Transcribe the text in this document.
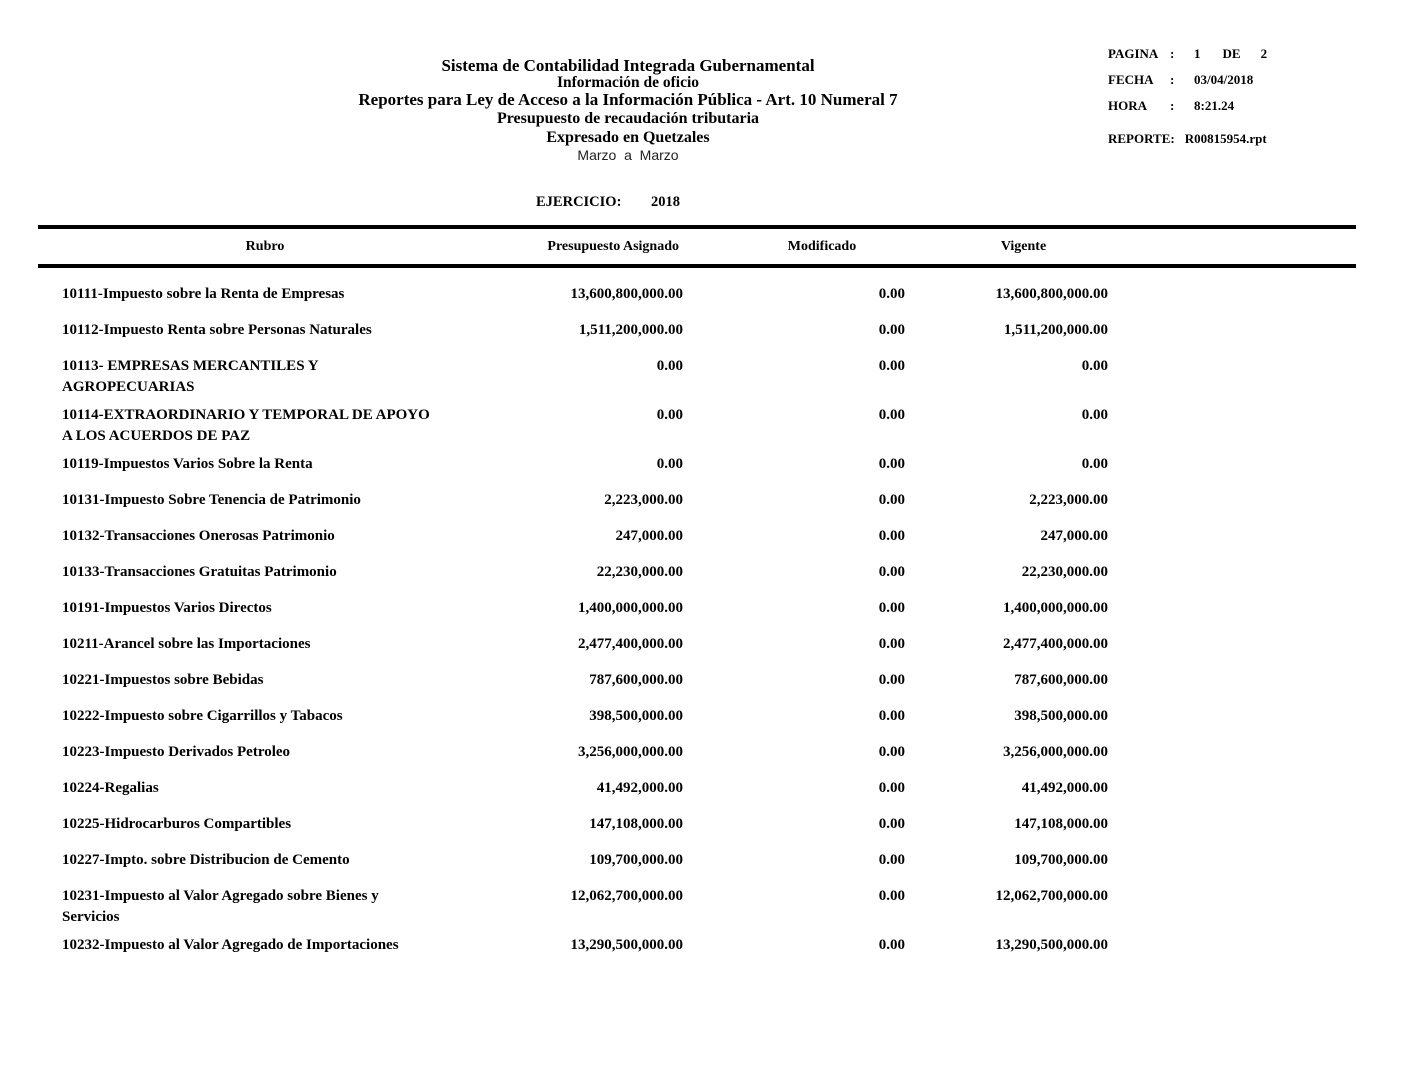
Sistema de Contabilidad Integrada Gubernamental
Información de oficio
Reportes para Ley de Acceso a la Información Pública - Art. 10 Numeral 7
Presupuesto de recaudación tributaria
Expresado en Quetzales
Marzo  a  Marzo
PAGINA : 1 DE 2
FECHA	: 03/04/2018
HORA	: 8:21.24
REPORTE: R00815954.rpt
EJERCICIO: 2018
Rubro	Presupuesto Asignado	Modificado	Vigente
10111-Impuesto sobre la Renta de Empresas	13,600,800,000.00	0.00	13,600,800,000.00
10112-Impuesto Renta sobre Personas Naturales	1,511,200,000.00	0.00	1,511,200,000.00
10113- EMPRESAS MERCANTILES Y
AGROPECUARIAS
0.00	0.00	0.00
10114-EXTRAORDINARIO Y TEMPORAL DE APOYO
A LOS ACUERDOS DE PAZ
0.00	0.00	0.00
10119-Impuestos Varios Sobre la Renta	0.00	0.00	0.00
10131-Impuesto Sobre Tenencia de Patrimonio	2,223,000.00	0.00	2,223,000.00
10132-Transacciones Onerosas Patrimonio	247,000.00	0.00	247,000.00
10133-Transacciones Gratuitas Patrimonio	22,230,000.00	0.00	22,230,000.00
10191-Impuestos Varios Directos	1,400,000,000.00	0.00	1,400,000,000.00
10211-Arancel sobre las Importaciones	2,477,400,000.00	0.00	2,477,400,000.00
10221-Impuestos sobre Bebidas	787,600,000.00	0.00	787,600,000.00
10222-Impuesto sobre Cigarrillos y Tabacos	398,500,000.00	0.00	398,500,000.00
10223-Impuesto Derivados Petroleo	3,256,000,000.00	0.00	3,256,000,000.00
10224-Regalias	41,492,000.00	0.00	41,492,000.00
10225-Hidrocarburos Compartibles	147,108,000.00	0.00	147,108,000.00
10227-Impto. sobre Distribucion de Cemento	109,700,000.00	0.00	109,700,000.00
10231-Impuesto al Valor Agregado sobre Bienes y
Servicios
12,062,700,000.00	0.00	12,062,700,000.00
10232-Impuesto al Valor Agregado de Importaciones	13,290,500,000.00	0.00	13,290,500,000.00
